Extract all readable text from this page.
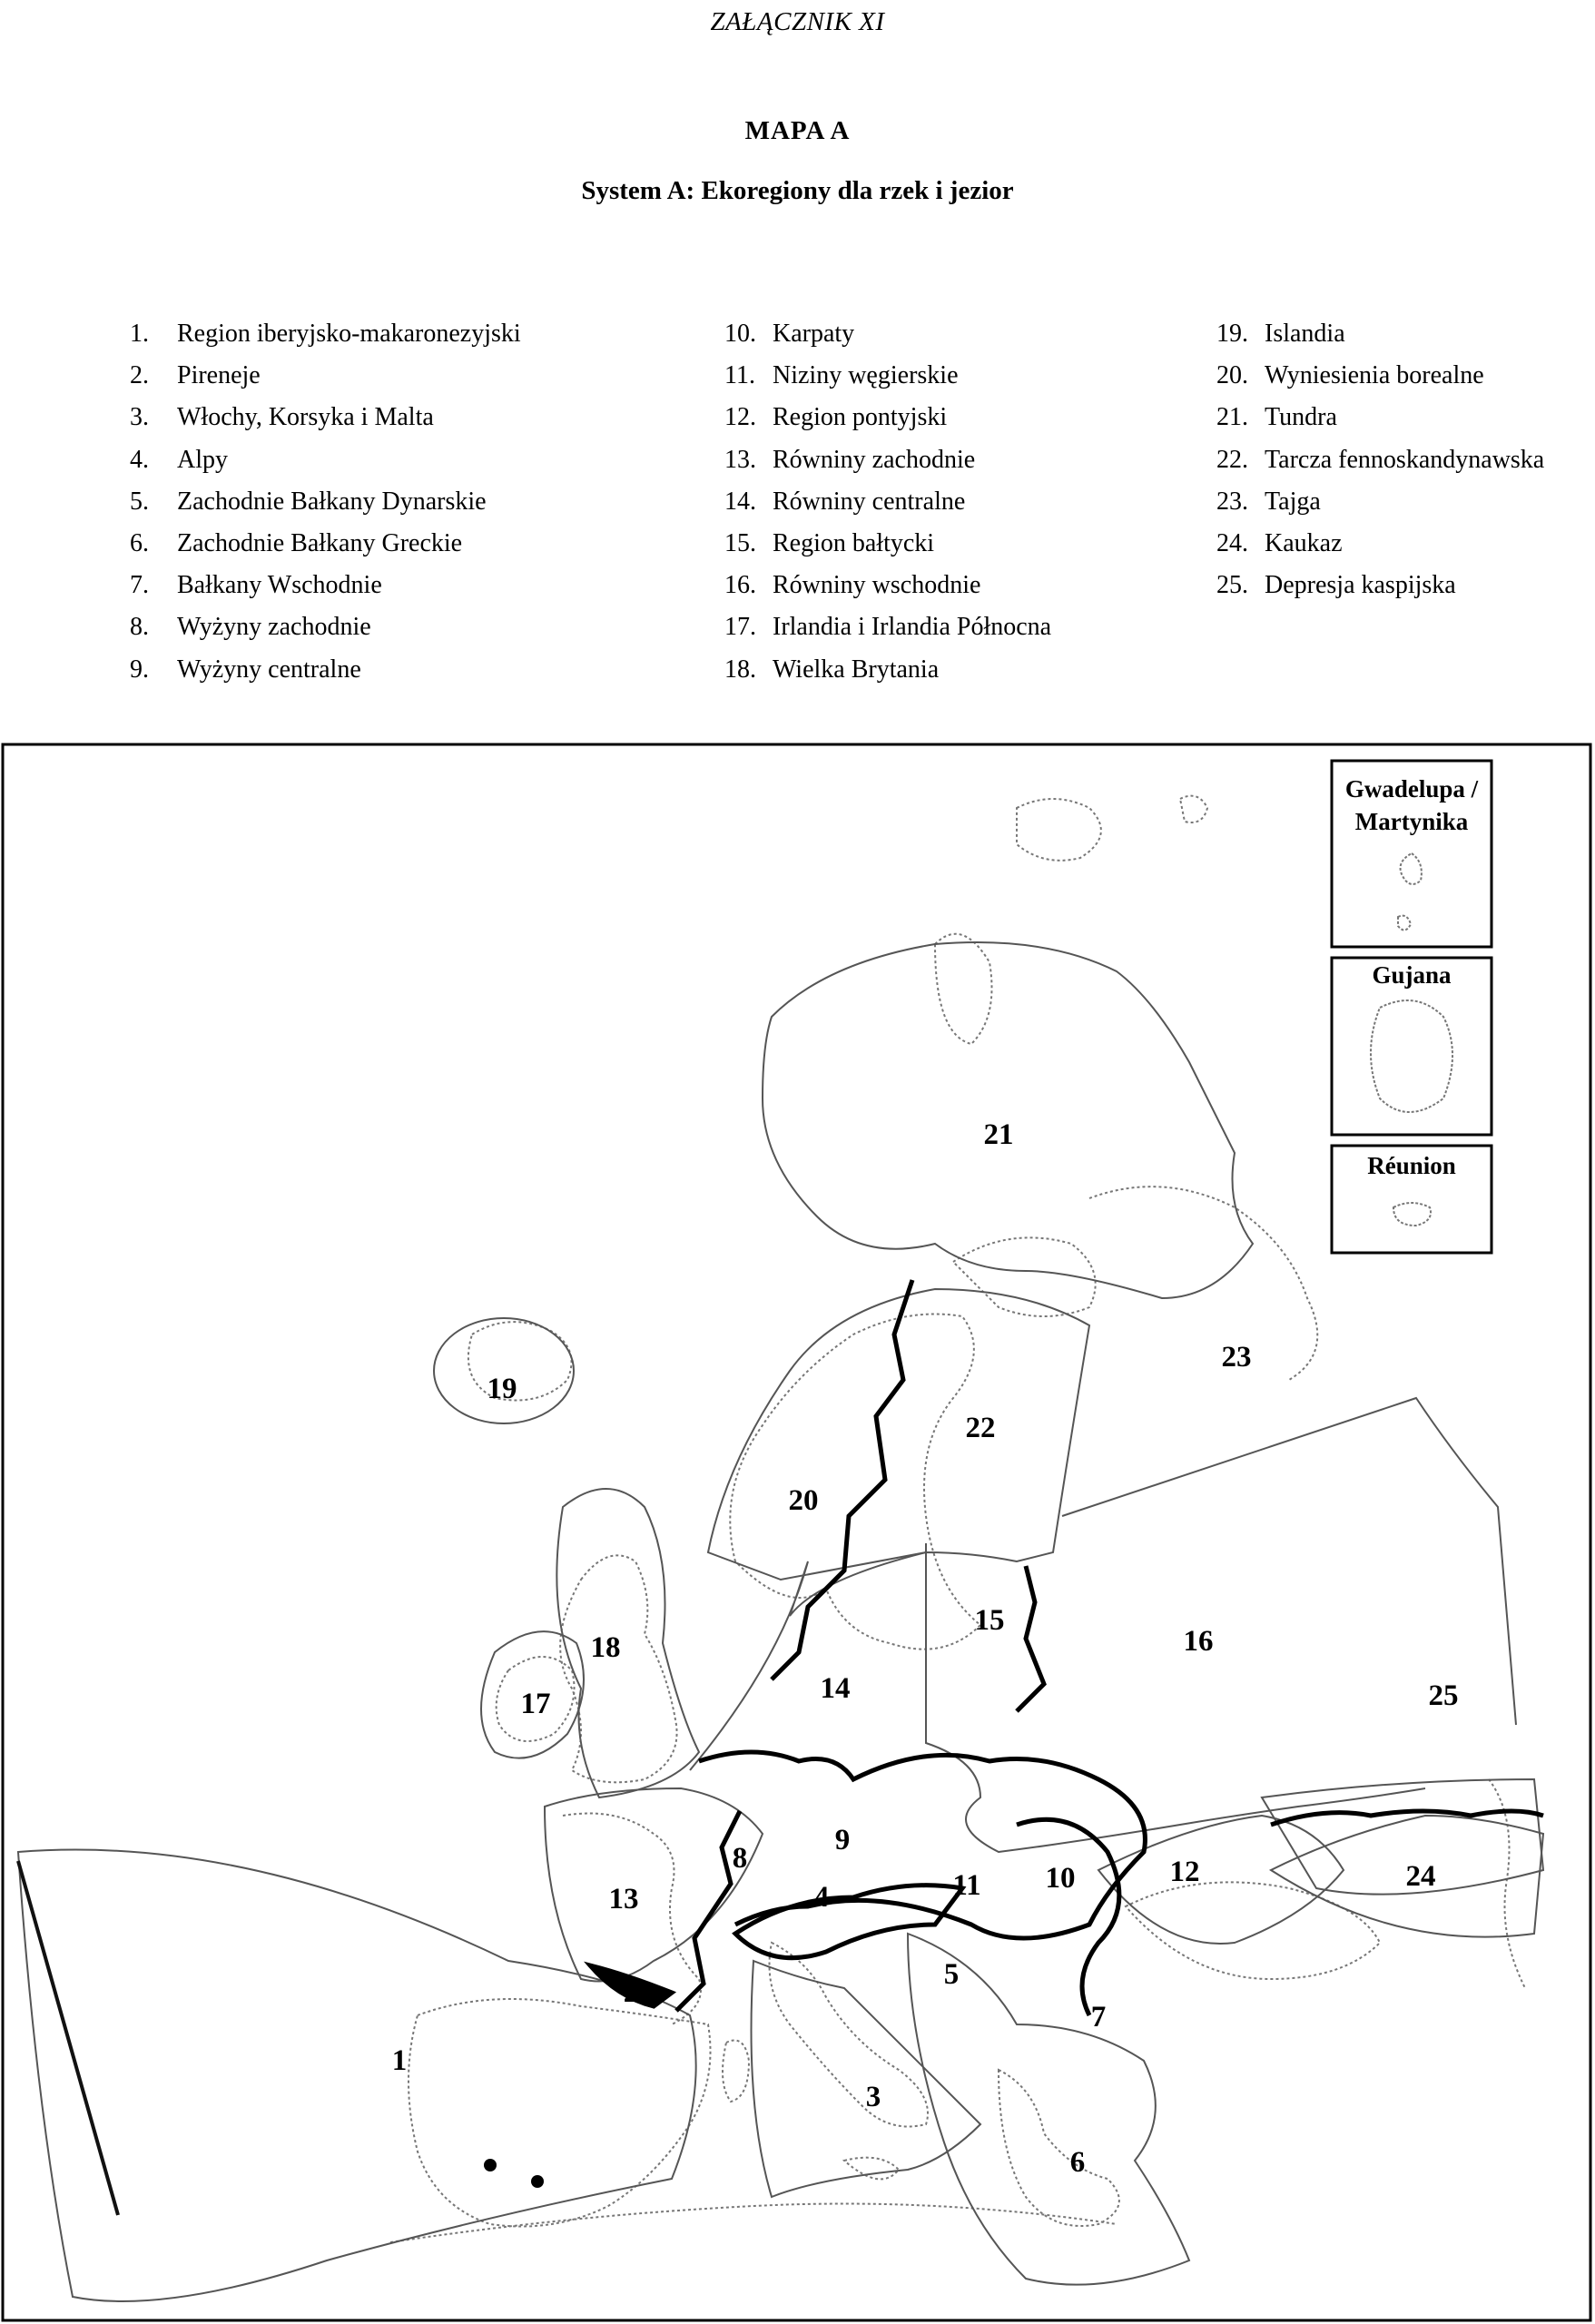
ZAŁĄCZNIK XI
MAPA A
System A: Ekoregiony dla rzek i jezior
1. Region iberyjsko-makaronezyjski
2. Pireneje
3. Włochy, Korsyka i Malta
4. Alpy
5. Zachodnie Bałkany Dynarskie
6. Zachodnie Bałkany Greckie
7. Bałkany Wschodnie
8. Wyżyny zachodnie
9. Wyżyny centralne
10. Karpaty
11. Niziny węgierskie
12. Region pontyjski
13. Równiny zachodnie
14. Równiny centralne
15. Region bałtycki
16. Równiny wschodnie
17. Irlandia i Irlandia Północna
18. Wielka Brytania
19. Islandia
20. Wyniesienia borealne
21. Tundra
22. Tarcza fennoskandynawska
23. Tajga
24. Kaukaz
25. Depresja kaspijska
1
2
3
4
5
6
7
8
9
10
11	12
13
14
15
16
17
18
19
20
21
22
23
24
25
Gwadelupa /
Martynika
Gujana
Réunion
